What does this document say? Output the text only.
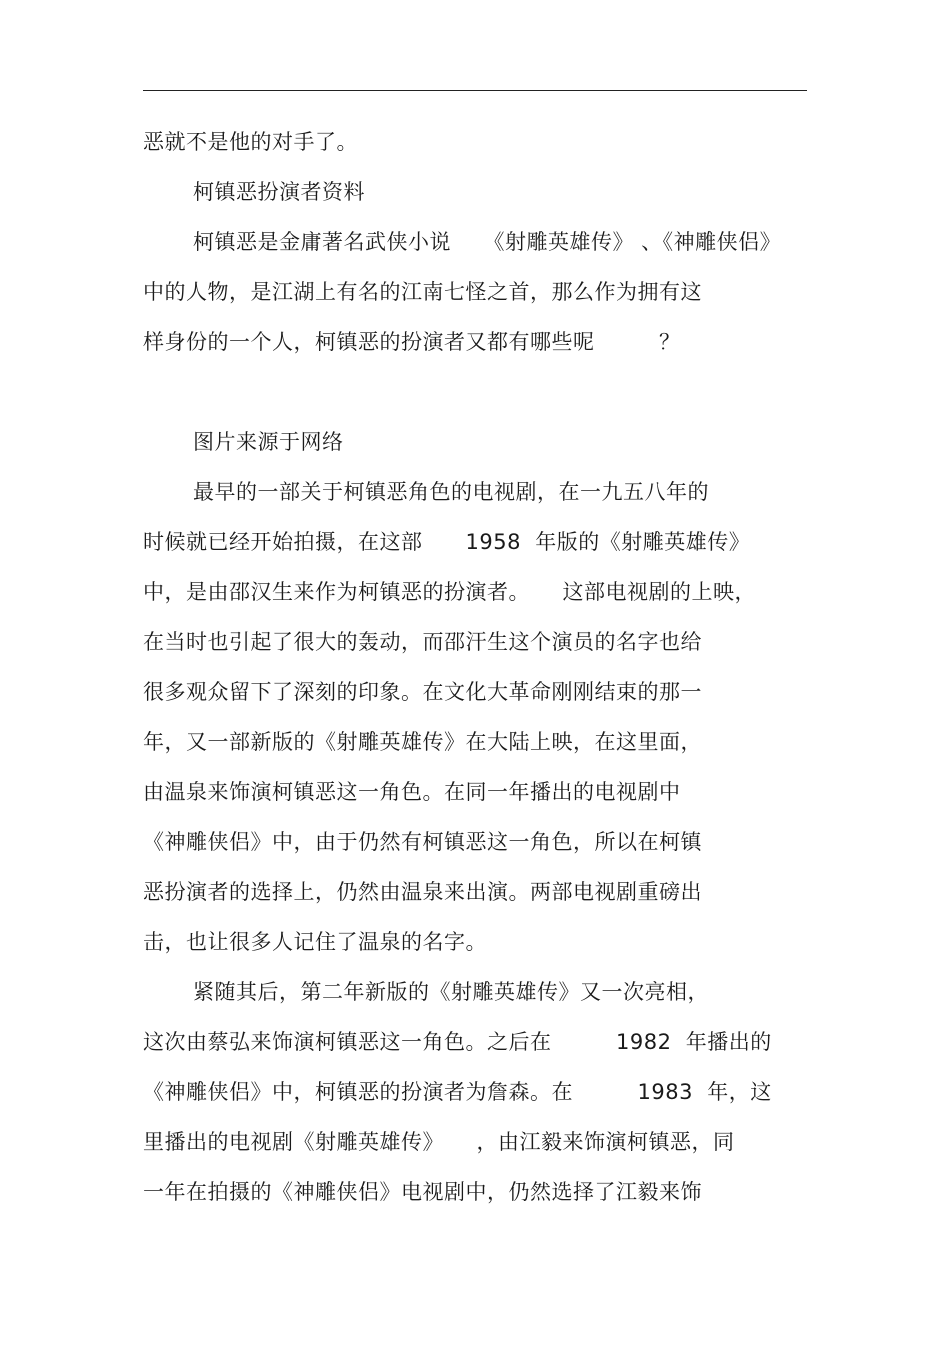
恶就不是他的对手了。
柯镇恶扮演者资料
柯镇恶是金庸著名武侠小说　　《射雕英雄传》 、《神雕侠侣》
中的人物，是江湖上有名的江南七怪之首，那么作为拥有这
样身份的一个人，柯镇恶的扮演者又都有哪些呢　　　？
图片来源于网络
最早的一部关于柯镇恶角色的电视剧，在一九五八年的
时候就已经开始拍摄，在这部　　1958  年版的《射雕英雄传》
中，是由邵汉生来作为柯镇恶的扮演者。　　这部电视剧的上映，
在当时也引起了很大的轰动，而邵汗生这个演员的名字也给
很多观众留下了深刻的印象。在文化大革命刚刚结束的那一
年，又一部新版的《射雕英雄传》在大陆上映，在这里面，
由温泉来饰演柯镇恶这一角色。在同一年播出的电视剧中
《神雕侠侣》中，由于仍然有柯镇恶这一角色，所以在柯镇
恶扮演者的选择上，仍然由温泉来出演。两部电视剧重磅出
击，也让很多人记住了温泉的名字。
紧随其后，第二年新版的《射雕英雄传》又一次亮相，
这次由蔡弘来饰演柯镇恶这一角色。之后在　　　1982  年播出的
《神雕侠侣》中，柯镇恶的扮演者为詹森。在　　　1983  年，这
里播出的电视剧《射雕英雄传》　　，由江毅来饰演柯镇恶，同
一年在拍摄的《神雕侠侣》电视剧中，仍然选择了江毅来饰
